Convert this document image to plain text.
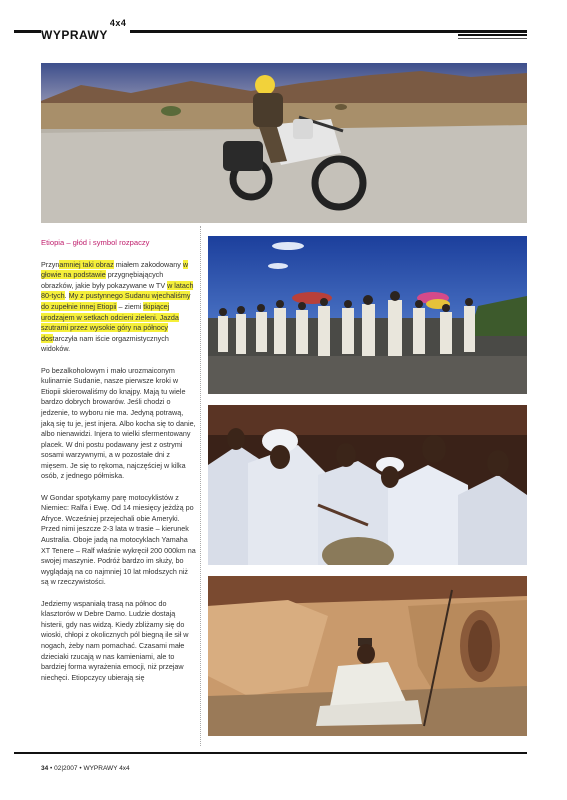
$WYPRAWY^{4x4}$
Etiopia – głód i symbol rozpaczy

Przynamniej taki obraz miałem zakodowany w głowie na podstawie przygnębiających obrazków, jakie były pokazywane w TV w latach 80-tych. My z pustynnego Sudanu wjechaliśmy do zupełnie innej Etiopii – ziemi tkipiącej urodzajem w setkach odcieni zieleni. Jazda szutrami przez wysokie góry na północy dostarczyła nam iście orgazmistycznych widoków.

Po bezalkoholowym i mało urozmaiconym kulinarnie Sudanie, nasze pierwsze kroki w Etiopii skierowaliśmy do knajpy. Mają tu wiele bardzo dobrych browarów. Jeśli chodzi o jedzenie, to wyboru nie ma. Jedyną potrawą, jaką się tu je, jest injera. Albo kocha się to danie, albo nienawidzi. Injera to wielki sfermentowany placek. W dni postu podawany jest z ostrymi sosami warzywnymi, a w pozostałe dni z mięsem. Je się to rękoma, najczęściej w kilka osób, z jednego półmiska.

W Gondar spotykamy parę motocyklistów z Niemiec: Ralfa i Ewę. Od 14 miesięcy jeżdżą po Afryce. Wcześniej przejechali obie Ameryki. Przed nimi jeszcze 2-3 lata w trasie – kierunek Australia. Oboje jadą na motocyklach Yamaha XT Tenere – Ralf właśnie wykręcił 200 000km na swojej maszynie. Podróż bardzo im służy, bo wyglądają na co najmniej 10 lat młodszych niż są w rzeczywistości.

Jedziemy wspaniałą trasą na północ do klasztorów w Debre Damo. Ludzie dostają histerii, gdy nas widzą. Kiedy zbliżamy się do wioski, chłopi z okolicznych pól biegną ile sił w nogach, żeby nam pomachać. Czasami małe dzieciaki rzucają w nas kamieniami, ale to bardziej forma wyrażenia emocji, niż przejaw niechęci. Etiopczycy ubierają się

34 • 02|2007 • WYPRAWY 4x4
